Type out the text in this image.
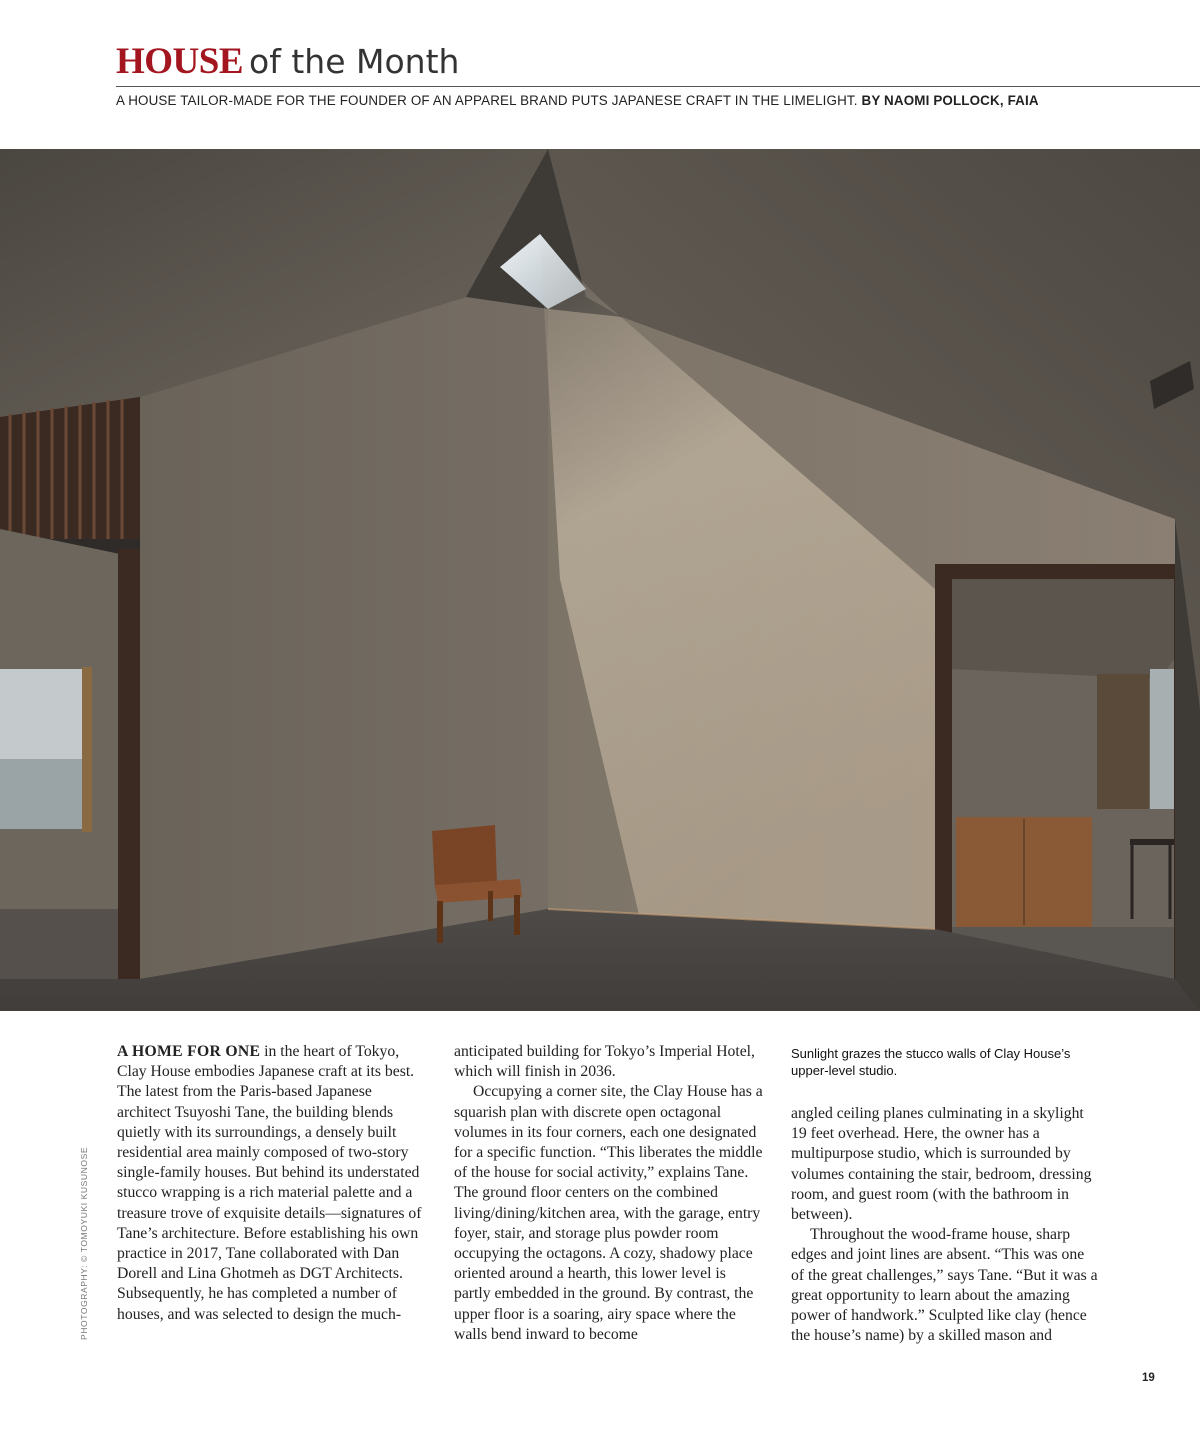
HOUSE of the Month
A HOUSE TAILOR-MADE FOR THE FOUNDER OF AN APPAREL BRAND PUTS JAPANESE CRAFT IN THE LIMELIGHT. BY NAOMI POLLOCK, FAIA
PHOTOGRAPHY: © TOMOYUKI KUSUNOSE

A HOME FOR ONE in the heart of Tokyo, Clay House embodies Japanese craft at its best. The latest from the Paris-based Japanese architect Tsuyoshi Tane, the building blends quietly with its surroundings, a densely built residential area mainly composed of two-story single-family houses. But behind its understated stucco wrapping is a rich material palette and a treasure trove of exquisite details—signatures of Tane’s architecture. Before establishing his own practice in 2017, Tane collaborated with Dan Dorell and Lina Ghotmeh as DGT Architects. Subsequently, he has completed a number of houses, and was selected to design the much-

anticipated building for Tokyo’s Imperial Hotel, which will finish in 2036.

Occupying a corner site, the Clay House has a squarish plan with discrete open octagonal volumes in its four corners, each one designated for a specific function. “This liberates the middle of the house for social activity,” explains Tane. The ground floor centers on the combined living/dining/kitchen area, with the garage, entry foyer, stair, and storage plus powder room occupying the octagons. A cozy, shadowy place oriented around a hearth, this lower level is partly embedded in the ground. By contrast, the upper floor is a soaring, airy space where the walls bend inward to become

Sunlight grazes the stucco walls of Clay House’s upper-level studio.

angled ceiling planes culminating in a skylight 19 feet overhead. Here, the owner has a multipurpose studio, which is surrounded by volumes containing the stair, bedroom, dressing room, and guest room (with the bathroom in between).

Throughout the wood-frame house, sharp edges and joint lines are absent. “This was one of the great challenges,” says Tane. “But it was a great opportunity to learn about the amazing power of handwork.” Sculpted like clay (hence the house’s name) by a skilled mason and

19
